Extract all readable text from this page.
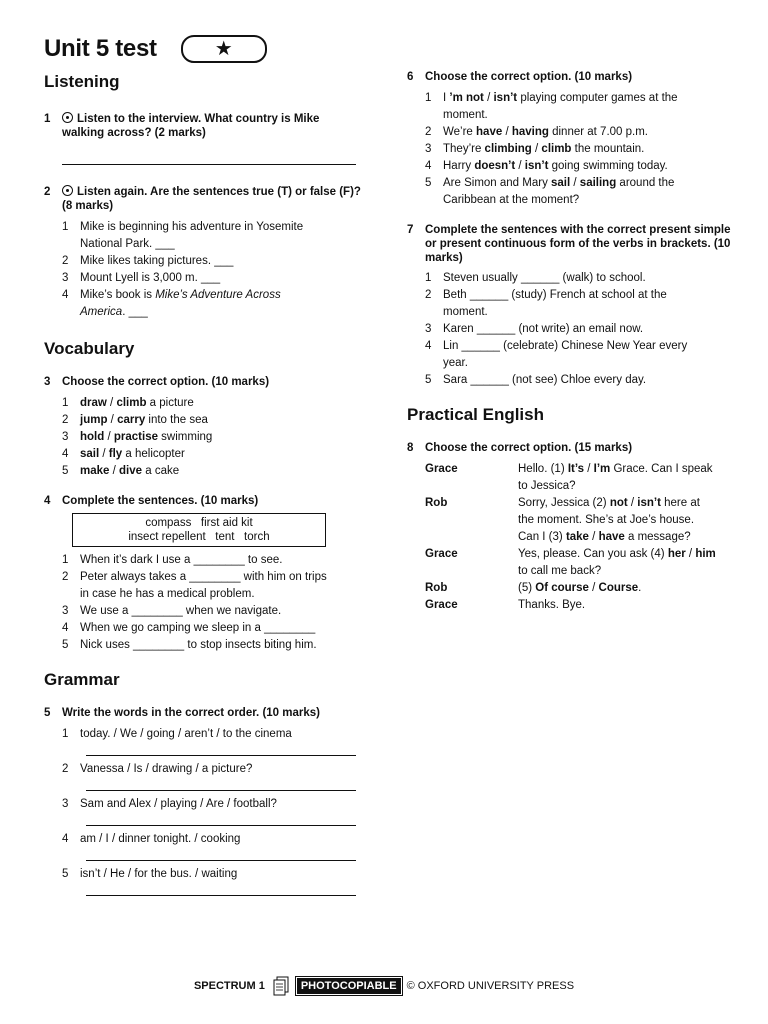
Unit 5 test	★
Listening
1	Listen to the interview. What country is Mike walking across? (2 marks)
2	Listen again. Are the sentences true (T) or false (F)? (8 marks)
1	Mike is beginning his adventure in Yosemite
National Park. ___
2	Mike likes taking pictures. ___
3	Mount Lyell is 3,000 m. ___
4	Mike’s book is Mike’s Adventure Across
America. ___
Vocabulary
3	Choose the correct option. (10 marks)
1	draw / climb a picture
2	jump / carry into the sea
3	hold / practise swimming
4	sail / fly a helicopter
5	make / dive a cake
4	Complete the sentences. (10 marks)
compass   first aid kit
insect repellent   tent   torch
1	When it’s dark I use a ________ to see.
2	Peter always takes a ________ with him on trips
in case he has a medical problem.
3	We use a ________ when we navigate.
4	When we go camping we sleep in a ________
5	Nick uses ________ to stop insects biting him.
Grammar
5	Write the words in the correct order. (10 marks)
1	today. / We / going / aren’t / to the cinema
2	Vanessa / Is / drawing / a picture?
3	Sam and Alex / playing / Are / football?
4	am / I / dinner tonight. / cooking
5	isn’t / He / for the bus. / waiting
6	Choose the correct option. (10 marks)
1	I ’m not / isn’t playing computer games at the
moment.
2	We’re have / having dinner at 7.00 p.m.
3	They’re climbing / climb the mountain.
4	Harry doesn’t / isn’t going swimming today.
5	Are Simon and Mary sail / sailing around the
Caribbean at the moment?
7	Complete the sentences with the correct present simple or present continuous form of the verbs in brackets. (10 marks)
1	Steven usually ______ (walk) to school.
2	Beth ______ (study) French at school at the
moment.
3	Karen ______ (not write) an email now.
4	Lin ______ (celebrate) Chinese New Year every
year.
5	Sara ______ (not see) Chloe every day.
Practical English
8	Choose the correct option. (15 marks)
Grace	Hello. (1) It’s / I’m Grace. Can I speak
to Jessica?
Rob	Sorry, Jessica (2) not / isn’t here at
the moment. She’s at Joe’s house.
Can I (3) take / have a message?
Grace	Yes, please. Can you ask (4) her / him
to call me back?
Rob	(5) Of course / Course.
Grace	Thanks. Bye.
SPECTRUM 1	PHOTOCOPIABLE © OXFORD UNIVERSITY PRESS
